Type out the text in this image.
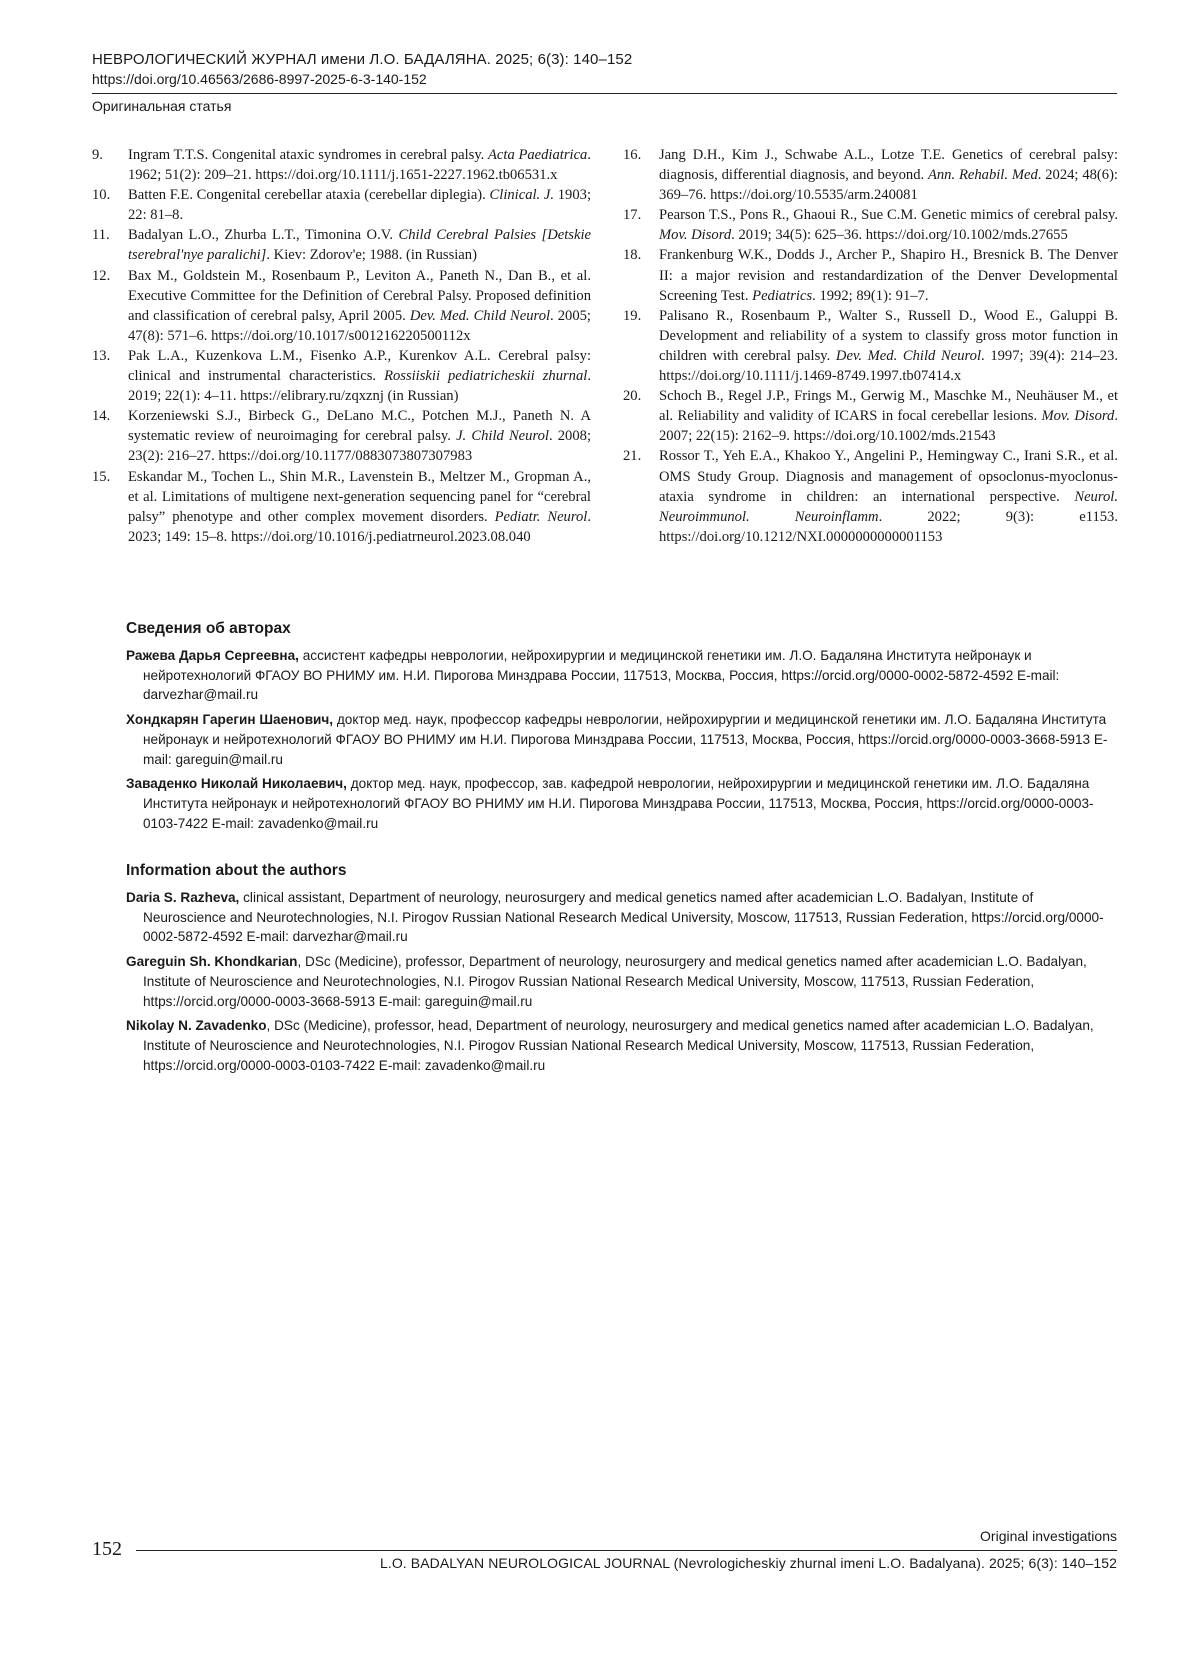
НЕВРОЛОГИЧЕСКИЙ ЖУРНАЛ имени Л.О. БАДАЛЯНА. 2025; 6(3): 140–152
https://doi.org/10.46563/2686-8997-2025-6-3-140-152
Оригинальная статья
9.	Ingram T.T.S. Congenital ataxic syndromes in cerebral palsy. Acta Paediatrica. 1962; 51(2): 209–21. https://doi.org/10.1111/j.1651-2227.1962.tb06531.x
10.	Batten F.E. Congenital cerebellar ataxia (cerebellar diplegia). Clinical. J. 1903; 22: 81–8.
11.	Badalyan L.O., Zhurba L.T., Timonina O.V. Child Cerebral Palsies [Detskie tserebral'nye paralichi]. Kiev: Zdorov'e; 1988. (in Russian)
12.	Bax M., Goldstein M., Rosenbaum P., Leviton A., Paneth N., Dan B., et al. Executive Committee for the Definition of Cerebral Palsy. Proposed definition and classification of cerebral palsy, April 2005. Dev. Med. Child Neurol. 2005; 47(8): 571–6. https://doi.org/10.1017/s001216220500112x
13.	Pak L.A., Kuzenkova L.M., Fisenko A.P., Kurenkov A.L. Cerebral palsy: clinical and instrumental characteristics. Rossiiskii pediatricheskii zhurnal. 2019; 22(1): 4–11. https://elibrary.ru/zqxznj (in Russian)
14.	Korzeniewski S.J., Birbeck G., DeLano M.C., Potchen M.J., Paneth N. A systematic review of neuroimaging for cerebral palsy. J. Child Neurol. 2008; 23(2): 216–27. https://doi.org/10.1177/0883073807307983
15.	Eskandar M., Tochen L., Shin M.R., Lavenstein B., Meltzer M., Gropman A., et al. Limitations of multigene next-generation sequencing panel for “cerebral palsy” phenotype and other complex movement disorders. Pediatr. Neurol. 2023; 149: 15–8. https://doi.org/10.1016/j.pediatrneurol.2023.08.040
16.	Jang D.H., Kim J., Schwabe A.L., Lotze T.E. Genetics of cerebral palsy: diagnosis, differential diagnosis, and beyond. Ann. Rehabil. Med. 2024; 48(6): 369–76. https://doi.org/10.5535/arm.240081
17.	Pearson T.S., Pons R., Ghaoui R., Sue C.M. Genetic mimics of cerebral palsy. Mov. Disord. 2019; 34(5): 625–36. https://doi.org/10.1002/mds.27655
18.	Frankenburg W.K., Dodds J., Archer P., Shapiro H., Bresnick B. The Denver II: a major revision and restandardization of the Denver Developmental Screening Test. Pediatrics. 1992; 89(1): 91–7.
19.	Palisano R., Rosenbaum P., Walter S., Russell D., Wood E., Galuppi B. Development and reliability of a system to classify gross motor function in children with cerebral palsy. Dev. Med. Child Neurol. 1997; 39(4): 214–23. https://doi.org/10.1111/j.1469-8749.1997.tb07414.x
20.	Schoch B., Regel J.P., Frings M., Gerwig M., Maschke M., Neuhäuser M., et al. Reliability and validity of ICARS in focal cerebellar lesions. Mov. Disord. 2007; 22(15): 2162–9. https://doi.org/10.1002/mds.21543
21.	Rossor T., Yeh E.A., Khakoo Y., Angelini P., Hemingway C., Irani S.R., et al. OMS Study Group. Diagnosis and management of opsoclonus-myoclonus-ataxia syndrome in children: an international perspective. Neurol. Neuroimmunol. Neuroinflamm. 2022; 9(3): e1153. https://doi.org/10.1212/NXI.0000000000001153
Сведения об авторах
Ражева Дарья Сергеевна, ассистент кафедры неврологии, нейрохирургии и медицинской генетики им. Л.О. Бадаляна Института нейронаук и нейротехнологий ФГАОУ ВО РНИМУ им. Н.И. Пирогова Минздрава России, 117513, Москва, Россия, https://orcid.org/0000-0002-5872-4592 E-mail: darvezhar@mail.ru
Хондкарян Гарегин Шаенович, доктор мед. наук, профессор кафедры неврологии, нейрохирургии и медицинской генетики им. Л.О. Бадаляна Института нейронаук и нейротехнологий ФГАОУ ВО РНИМУ им Н.И. Пирогова Минздрава России, 117513, Москва, Россия, https://orcid.org/0000-0003-3668-5913 E-mail: gareguin@mail.ru
Заваденко Николай Николаевич, доктор мед. наук, профессор, зав. кафедрой неврологии, нейрохирургии и медицинской генетики им. Л.О. Бадаляна Института нейронаук и нейротехнологий ФГАОУ ВО РНИМУ им Н.И. Пирогова Минздрава России, 117513, Москва, Россия, https://orcid.org/0000-0003-0103-7422 E-mail: zavadenko@mail.ru
Information about the authors
Daria S. Razheva, clinical assistant, Department of neurology, neurosurgery and medical genetics named after academician L.O. Badalyan, Institute of Neuroscience and Neurotechnologies, N.I. Pirogov Russian National Research Medical University, Moscow, 117513, Russian Federation, https://orcid.org/0000-0002-5872-4592 E-mail: darvezhar@mail.ru
Gareguin Sh. Khondkarian, DSc (Medicine), professor, Department of neurology, neurosurgery and medical genetics named after academician L.O. Badalyan, Institute of Neuroscience and Neurotechnologies, N.I. Pirogov Russian National Research Medical University, Moscow, 117513, Russian Federation, https://orcid.org/0000-0003-3668-5913 E-mail: gareguin@mail.ru
Nikolay N. Zavadenko, DSc (Medicine), professor, head, Department of neurology, neurosurgery and medical genetics named after academician L.O. Badalyan, Institute of Neuroscience and Neurotechnologies, N.I. Pirogov Russian National Research Medical University, Moscow, 117513, Russian Federation, https://orcid.org/0000-0003-0103-7422 E-mail: zavadenko@mail.ru
152
Original investigations
L.O. BADALYAN NEUROLOGICAL JOURNAL (Nevrologicheskiy zhurnal imeni L.O. Badalyana). 2025; 6(3): 140–152
